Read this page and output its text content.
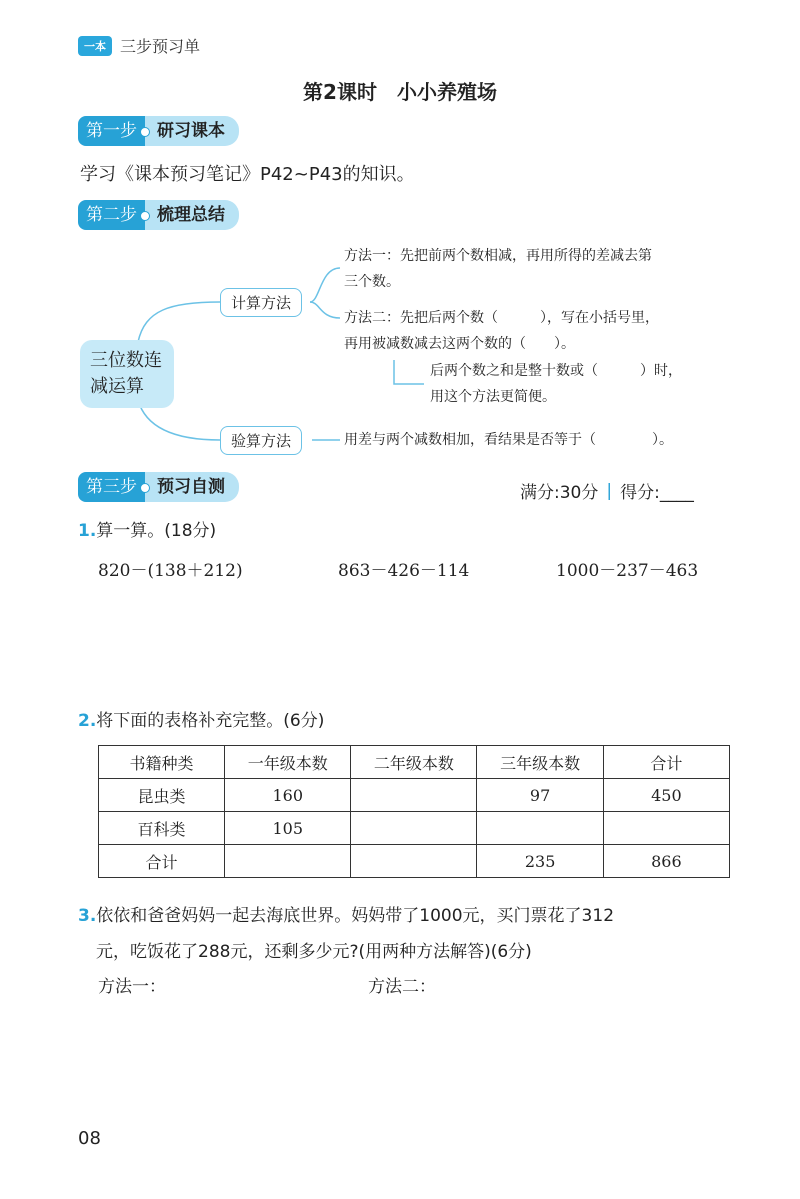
一本 三步预习单
第2课时　小小养殖场
第一步	研习课本
学习《课本预习笔记》P42~P43的知识。
第二步	梳理总结
三位数连
减运算
计算方法
验算方法
方法一：先把前两个数相减，再用所得的差减去第
三个数。
方法二：先把后两个数（　　　），写在小括号里，
再用被减数减去这两个数的（　　）。
后两个数之和是整十数或（　　　）时，
用这个方法更简便。
用差与两个减数相加，看结果是否等于（　　　　）。
第三步	预习自测	满分:30分 | 得分:____
1.算一算。(18分)
820－(138＋212)	863－426－114	1000－237－463
2.将下面的表格补充完整。(6分)
书籍种类	一年级本数	二年级本数	三年级本数	合计
昆虫类	160		97	450
百科类	105			
合计			235	866
3.依依和爸爸妈妈一起去海底世界。妈妈带了1000元，买门票花了312
元，吃饭花了288元，还剩多少元?(用两种方法解答)(6分)
方法一：	方法二：
08
